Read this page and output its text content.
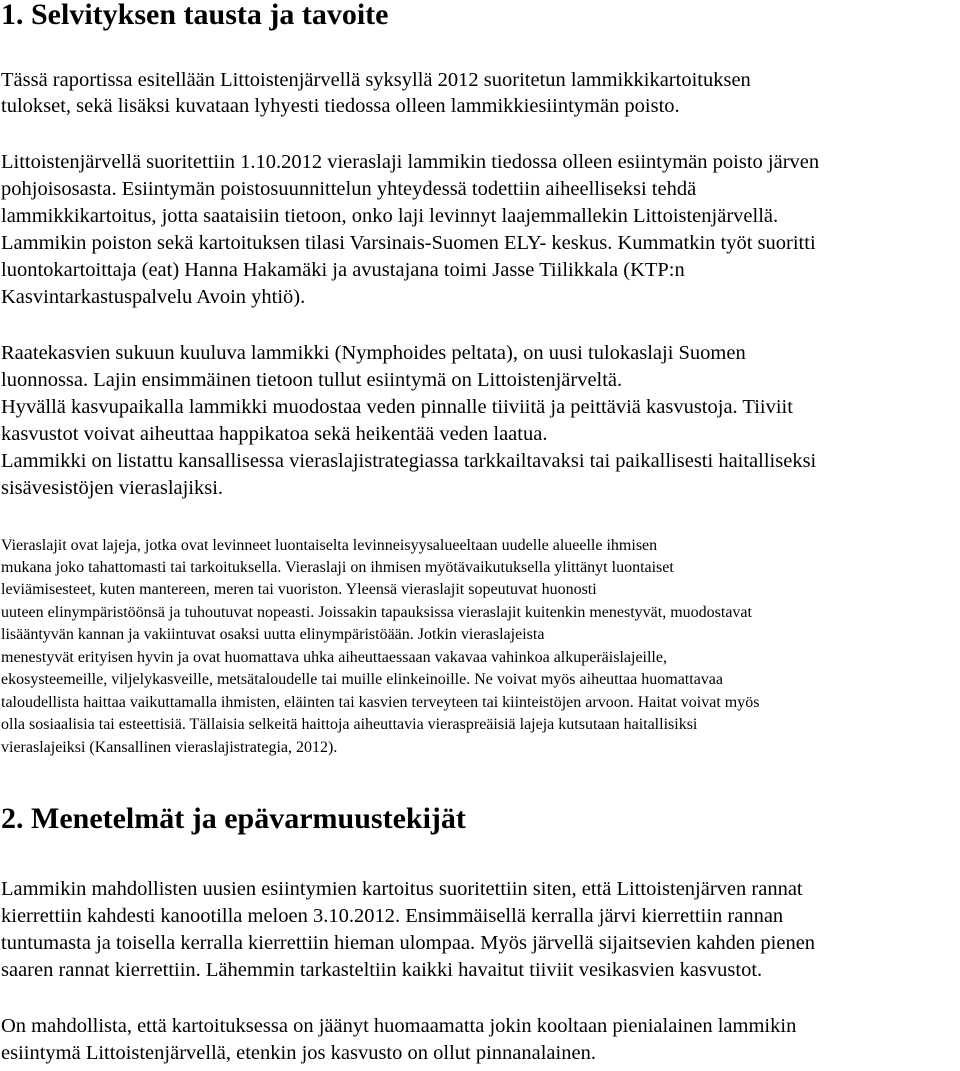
1. Selvityksen tausta ja tavoite
Tässä raportissa esitellään Littoistenjärvellä syksyllä 2012 suoritetun lammikkikartoituksen
tulokset, sekä lisäksi kuvataan lyhyesti tiedossa olleen lammikkiesiintymän poisto.
Littoistenjärvellä suoritettiin 1.10.2012 vieraslaji lammikin tiedossa olleen esiintymän poisto järven
pohjoisosasta. Esiintymän poistosuunnittelun yhteydessä todettiin aiheelliseksi tehdä
lammikkikartoitus, jotta saataisiin tietoon, onko laji levinnyt laajemmallekin Littoistenjärvellä.
Lammikin poiston sekä kartoituksen tilasi Varsinais-Suomen ELY- keskus. Kummatkin työt suoritti
luontokartoittaja (eat) Hanna Hakamäki ja avustajana toimi Jasse Tiilikkala (KTP:n
Kasvintarkastuspalvelu Avoin yhtiö).
Raatekasvien sukuun kuuluva lammikki (Nymphoides peltata), on uusi tulokaslaji Suomen
luonnossa. Lajin ensimmäinen tietoon tullut esiintymä on Littoistenjärveltä.
Hyvällä kasvupaikalla lammikki muodostaa veden pinnalle tiiviitä ja peittäviä kasvustoja. Tiiviit
kasvustot voivat aiheuttaa happikatoa sekä heikentää veden laatua.
Lammikki on listattu kansallisessa vieraslajistrategiassa tarkkailtavaksi tai paikallisesti haitalliseksi
sisävesistöjen vieraslajiksi.
Vieraslajit ovat lajeja, jotka ovat levinneet luontaiselta levinneisyysalueeltaan uudelle alueelle ihmisen
mukana joko tahattomasti tai tarkoituksella. Vieraslaji on ihmisen myötävaikutuksella ylittänyt luontaiset
leviämisesteet, kuten mantereen, meren tai vuoriston. Yleensä vieraslajit sopeutuvat huonosti
uuteen elinympäristöönsä ja tuhoutuvat nopeasti. Joissakin tapauksissa vieraslajit kuitenkin menestyvät, muodostavat
lisääntyvän kannan ja vakiintuvat osaksi uutta elinympäristöään. Jotkin vieraslajeista
menestyvät erityisen hyvin ja ovat huomattava uhka aiheuttaessaan vakavaa vahinkoa alkuperäislajeille,
ekosysteemeille, viljelykasveille, metsätaloudelle tai muille elinkeinoille. Ne voivat myös aiheuttaa huomattavaa
taloudellista haittaa vaikuttamalla ihmisten, eläinten tai kasvien terveyteen tai kiinteistöjen arvoon. Haitat voivat myös
olla sosiaalisia tai esteettisiä. Tällaisia selkeitä haittoja aiheuttavia vieraspreäisiä lajeja kutsutaan haitallisiksi
vieraslajeiksi (Kansallinen vieraslajistrategia, 2012).
2. Menetelmät ja epävarmuustekijät
Lammikin mahdollisten uusien esiintymien kartoitus suoritettiin siten, että Littoistenjärven rannat
kierrettiin kahdesti kanootilla meloen 3.10.2012. Ensimmäisellä kerralla järvi kierrettiin rannan
tuntumasta ja toisella kerralla kierrettiin hieman ulompaa. Myös järvellä sijaitsevien kahden pienen
saaren rannat kierrettiin. Lähemmin tarkasteltiin kaikki havaitut tiiviit vesikasvien kasvustot.
On mahdollista, että kartoituksessa on jäänyt huomaamatta jokin kooltaan pienialainen lammikin
esiintymä Littoistenjärvellä, etenkin jos kasvusto on ollut pinnanalainen.
